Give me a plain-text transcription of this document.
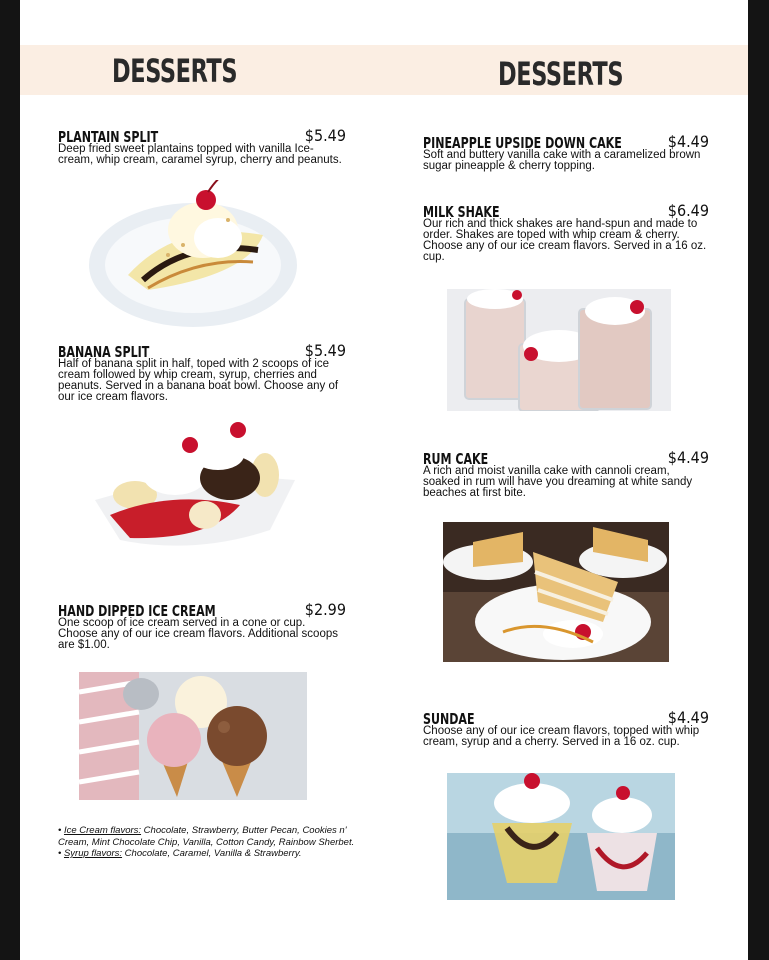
DESSERTS	DESSERTS
PLANTAIN SPLIT	$5.49
Deep fried sweet plantains topped with vanilla Ice-cream, whip cream, caramel syrup, cherry and peanuts.
BANANA SPLIT	$5.49
Half of banana split in half, toped with 2 scoops of ice cream followed by whip cream, syrup, cherries and peanuts. Served in a banana boat bowl. Choose any of our ice cream flavors.
HAND DIPPED ICE CREAM	$2.99
One scoop of ice cream served in a cone or cup. Choose any of our ice cream flavors. Additional scoops are $1.00.
• Ice Cream flavors: Chocolate, Strawberry, Butter Pecan, Cookies n' Cream, Mint Chocolate Chip, Vanilla, Cotton Candy, Rainbow Sherbet.
• Syrup flavors: Chocolate, Caramel, Vanilla & Strawberry.
PINEAPPLE UPSIDE DOWN CAKE	$4.49
Soft and buttery vanilla cake with a caramelized brown sugar pineapple & cherry topping.
MILK SHAKE	$6.49
Our rich and thick shakes are hand-spun and made to order. Shakes are toped with whip cream & cherry. Choose any of our ice cream flavors. Served in a 16 oz. cup.
RUM CAKE	$4.49
A rich and moist vanilla cake with cannoli cream, soaked in rum will have you dreaming at white sandy beaches at first bite.
SUNDAE	$4.49
Choose any of our ice cream flavors, topped with whip cream, syrup and a cherry. Served in a 16 oz. cup.
